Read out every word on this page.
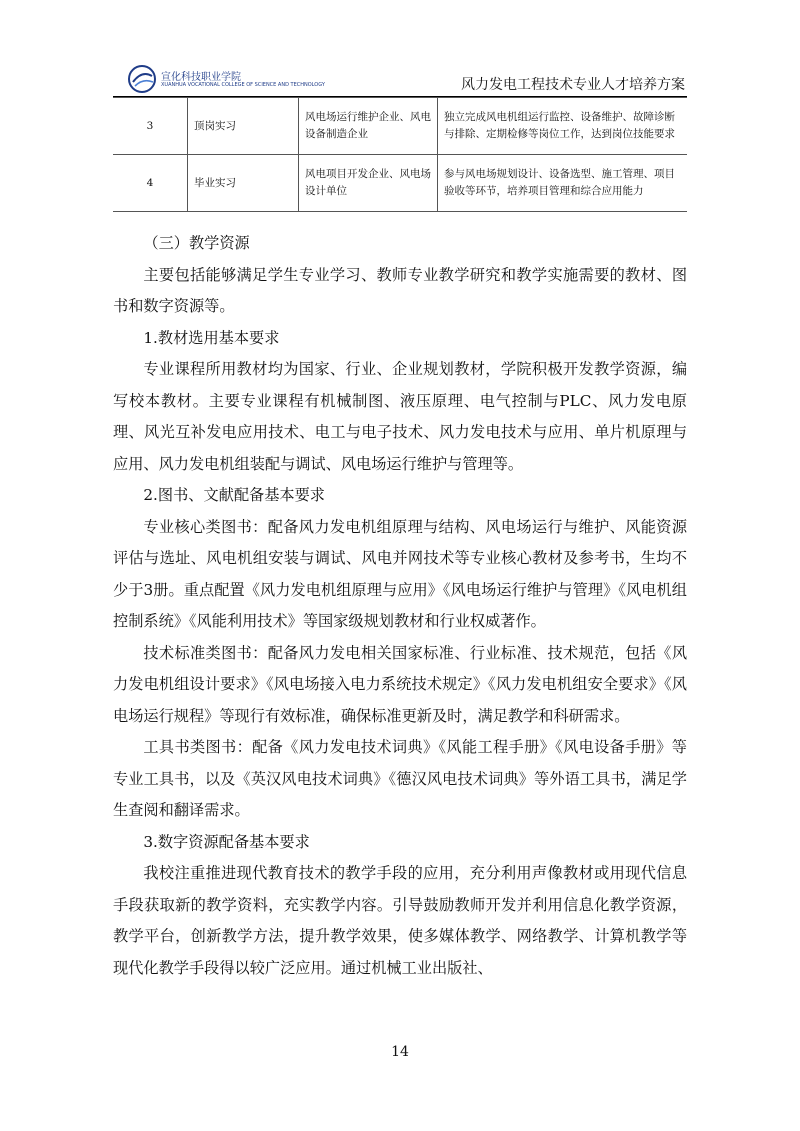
宣化科技职业学院
XUANHUA VOCATIONAL COLLEGE OF SCIENCE AND TECHNOLOGY	风力发电工程技术专业人才培养方案
3	顶岗实习	风电场运行维护企业、风电设备制造企业	独立完成风电机组运行监控、设备维护、故障诊断与排除、定期检修等岗位工作，达到岗位技能要求
4	毕业实习	风电项目开发企业、风电场设计单位	参与风电场规划设计、设备选型、施工管理、项目验收等环节，培养项目管理和综合应用能力

（三）教学资源

主要包括能够满足学生专业学习、教师专业教学研究和教学实施需要的教材、图书和数字资源等。

1.教材选用基本要求

专业课程所用教材均为国家、行业、企业规划教材，学院积极开发教学资源，编写校本教材。主要专业课程有机械制图、液压原理、电气控制与PLC、风力发电原理、风光互补发电应用技术、电工与电子技术、风力发电技术与应用、单片机原理与应用、风力发电机组装配与调试、风电场运行维护与管理等。

2.图书、文献配备基本要求

专业核心类图书：配备风力发电机组原理与结构、风电场运行与维护、风能资源评估与选址、风电机组安装与调试、风电并网技术等专业核心教材及参考书，生均不少于3册。重点配置《风力发电机组原理与应用》《风电场运行维护与管理》《风电机组控制系统》《风能利用技术》等国家级规划教材和行业权威著作。

技术标准类图书：配备风力发电相关国家标准、行业标准、技术规范，包括《风力发电机组设计要求》《风电场接入电力系统技术规定》《风力发电机组安全要求》《风电场运行规程》等现行有效标准，确保标准更新及时，满足教学和科研需求。

工具书类图书：配备《风力发电技术词典》《风能工程手册》《风电设备手册》等专业工具书，以及《英汉风电技术词典》《德汉风电技术词典》等外语工具书，满足学生查阅和翻译需求。

3.数字资源配备基本要求

我校注重推进现代教育技术的教学手段的应用，充分利用声像教材或用现代信息手段获取新的教学资料，充实教学内容。引导鼓励教师开发并利用信息化教学资源，教学平台，创新教学方法，提升教学效果，使多媒体教学、网络教学、计算机教学等现代化教学手段得以较广泛应用。通过机械工业出版社、

14
